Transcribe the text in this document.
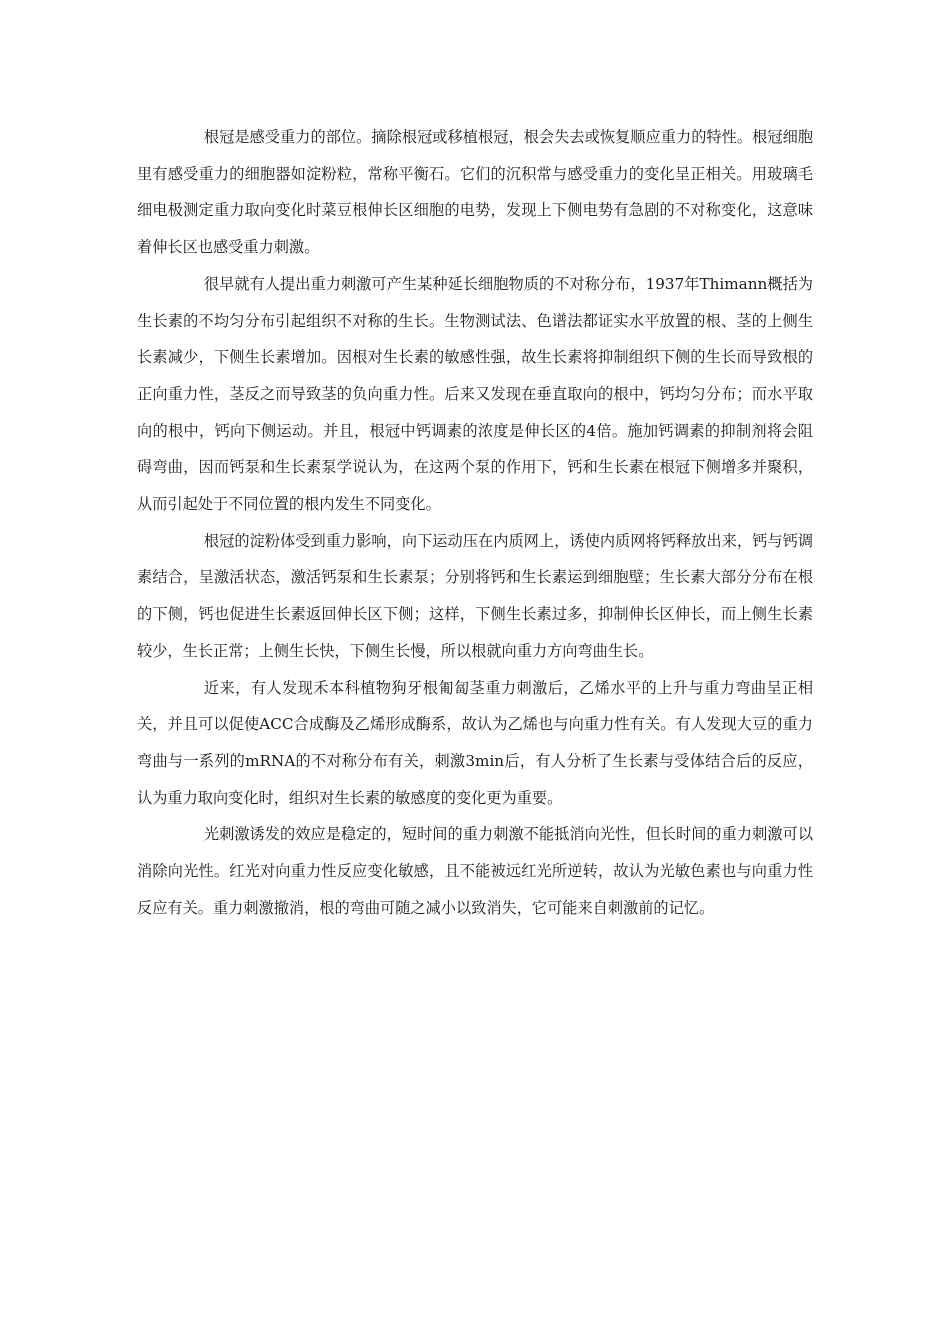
根冠是感受重力的部位。摘除根冠或移植根冠，根会失去或恢复顺应重力的特性。根冠细胞里有感受重力的细胞器如淀粉粒，常称平衡石。它们的沉积常与感受重力的变化呈正相关。用玻璃毛细电极测定重力取向变化时菜豆根伸长区细胞的电势，发现上下侧电势有急剧的不对称变化，这意味着伸长区也感受重力刺激。

很早就有人提出重力刺激可产生某种延长细胞物质的不对称分布，1937年Thimann概括为生长素的不均匀分布引起组织不对称的生长。生物测试法、色谱法都证实水平放置的根、茎的上侧生长素减少，下侧生长素增加。因根对生长素的敏感性强，故生长素将抑制组织下侧的生长而导致根的正向重力性，茎反之而导致茎的负向重力性。后来又发现在垂直取向的根中，钙均匀分布；而水平取向的根中，钙向下侧运动。并且，根冠中钙调素的浓度是伸长区的4倍。施加钙调素的抑制剂将会阻碍弯曲，因而钙泵和生长素泵学说认为，在这两个泵的作用下，钙和生长素在根冠下侧增多并聚积，从而引起处于不同位置的根内发生不同变化。

根冠的淀粉体受到重力影响，向下运动压在内质网上，诱使内质网将钙释放出来，钙与钙调素结合，呈激活状态，激活钙泵和生长素泵；分别将钙和生长素运到细胞壁；生长素大部分分布在根的下侧，钙也促进生长素返回伸长区下侧；这样，下侧生长素过多，抑制伸长区伸长，而上侧生长素较少，生长正常；上侧生长快，下侧生长慢，所以根就向重力方向弯曲生长。

近来，有人发现禾本科植物狗牙根匍匐茎重力刺激后，乙烯水平的上升与重力弯曲呈正相关，并且可以促使ACC合成酶及乙烯形成酶系，故认为乙烯也与向重力性有关。有人发现大豆的重力弯曲与一系列的mRNA的不对称分布有关，刺激3min后，有人分析了生长素与受体结合后的反应，认为重力取向变化时，组织对生长素的敏感度的变化更为重要。

光刺激诱发的效应是稳定的，短时间的重力刺激不能抵消向光性，但长时间的重力刺激可以消除向光性。红光对向重力性反应变化敏感，且不能被远红光所逆转，故认为光敏色素也与向重力性反应有关。重力刺激撤消，根的弯曲可随之减小以致消失，它可能来自刺激前的记忆。
